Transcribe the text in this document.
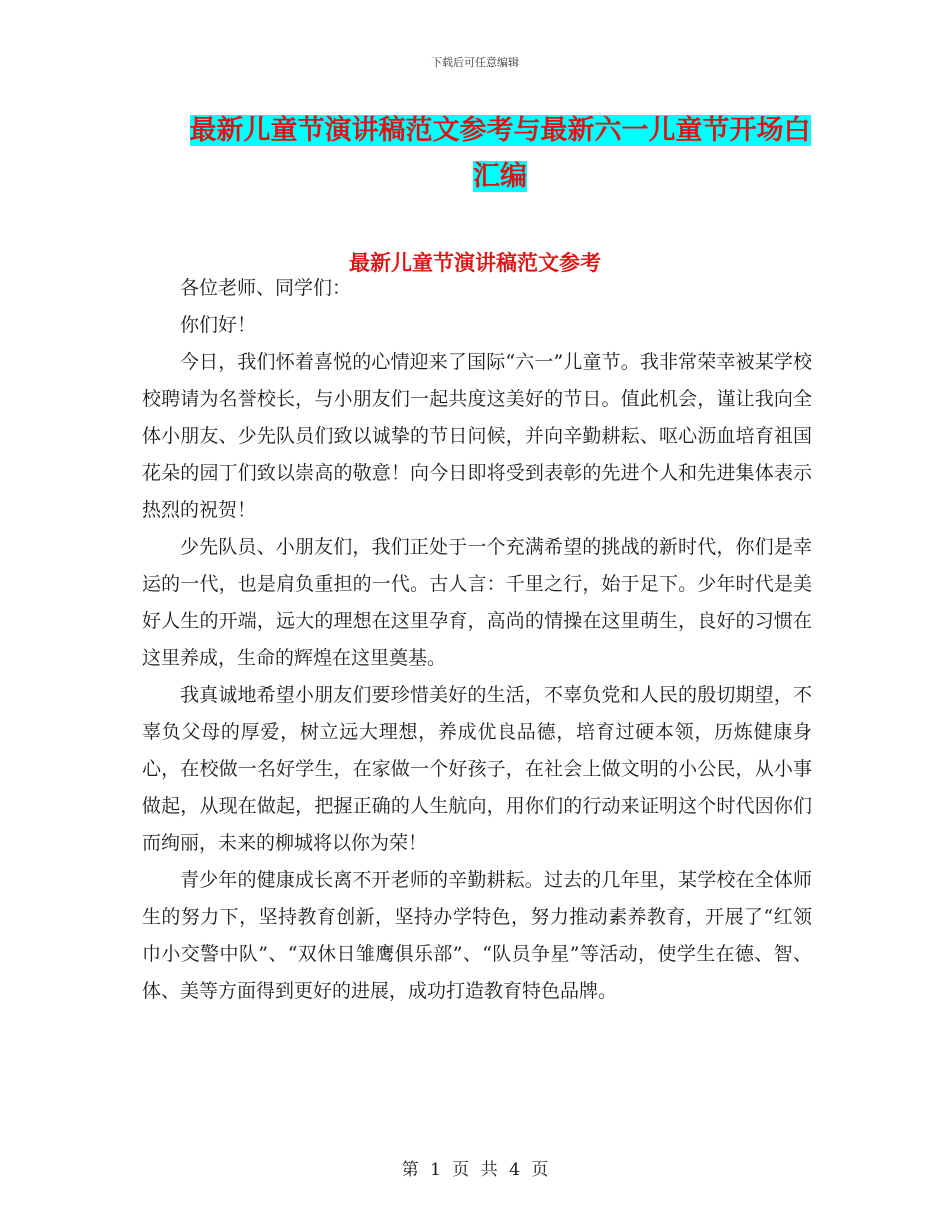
下载后可任意编辑
最新儿童节演讲稿范文参考与最新六一儿童节开场白
汇编
最新儿童节演讲稿范文参考

各位老师、同学们：

你们好！

今日，我们怀着喜悦的心情迎来了国际“六一”儿童节。我非常荣幸被某学校校聘请为名誉校长，与小朋友们一起共度这美好的节日。值此机会，谨让我向全体小朋友、少先队员们致以诚挚的节日问候，并向辛勤耕耘、呕心沥血培育祖国花朵的园丁们致以崇高的敬意！向今日即将受到表彰的先进个人和先进集体表示热烈的祝贺！

少先队员、小朋友们，我们正处于一个充满希望的挑战的新时代，你们是幸运的一代，也是肩负重担的一代。古人言：千里之行，始于足下。少年时代是美好人生的开端，远大的理想在这里孕育，高尚的情操在这里萌生，良好的习惯在这里养成，生命的辉煌在这里奠基。

我真诚地希望小朋友们要珍惜美好的生活，不辜负党和人民的殷切期望，不辜负父母的厚爱，树立远大理想，养成优良品德，培育过硬本领，历炼健康身心，在校做一名好学生，在家做一个好孩子，在社会上做文明的小公民，从小事做起，从现在做起，把握正确的人生航向，用你们的行动来证明这个时代因你们而绚丽，未来的柳城将以你为荣！

青少年的健康成长离不开老师的辛勤耕耘。过去的几年里，某学校在全体师生的努力下，坚持教育创新，坚持办学特色，努力推动素养教育，开展了“红领巾小交警中队”、“双休日雏鹰俱乐部”、“队员争星”等活动，使学生在德、智、体、美等方面得到更好的进展，成功打造教育特色品牌。

第 1 页 共 4 页
